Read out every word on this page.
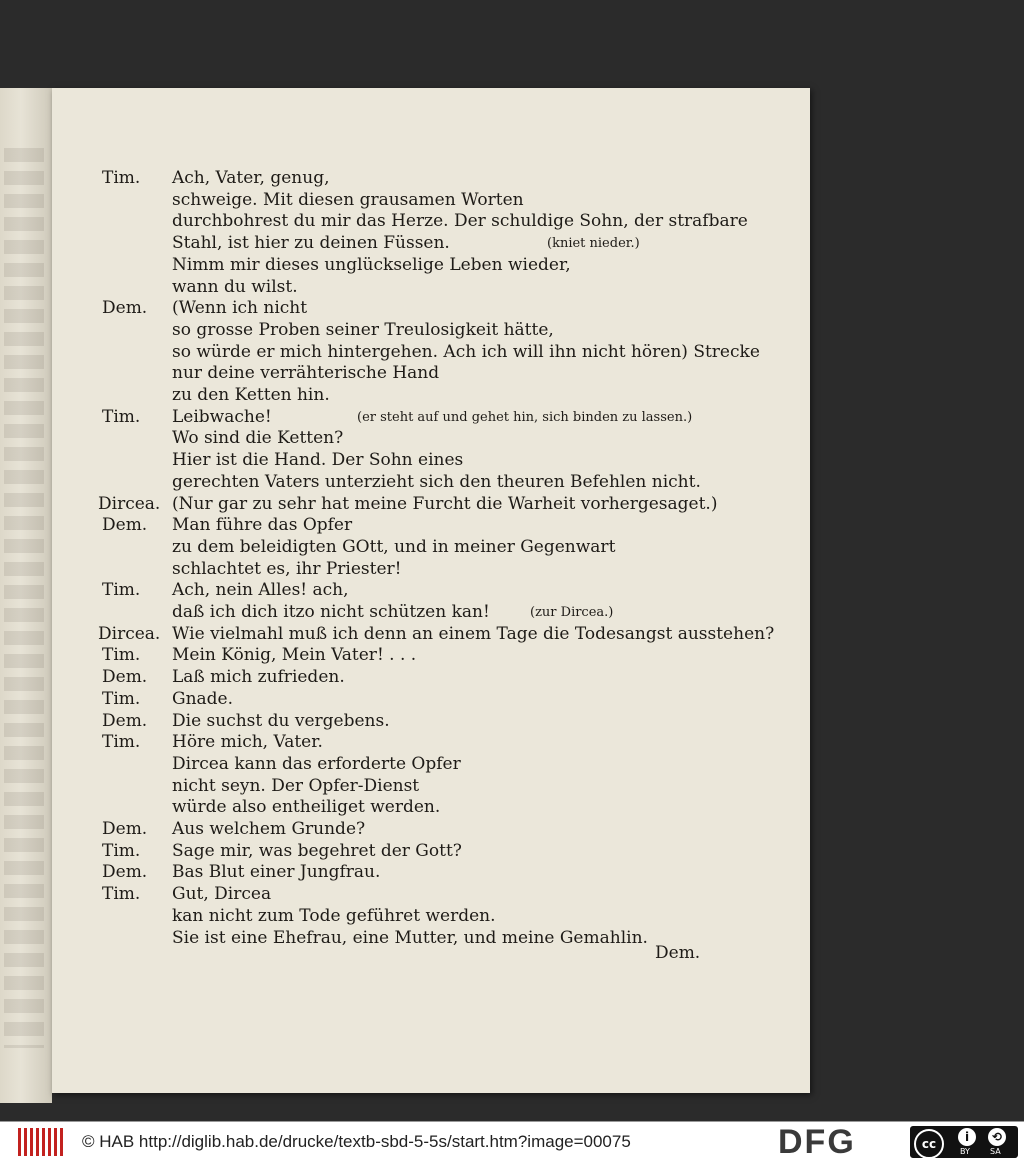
Tim. Ach, Vater, genug,
schweige. Mit diesen grausamen Worten
durchbohrest du mir das Herze. Der schuldige Sohn, der strafbare
Stahl, ist hier zu deinen Füssen.	(kniet nieder.)
Nimm mir dieses unglückselige Leben wieder,
wann du wilst.
Dem. (Wenn ich nicht
so grosse Proben seiner Treulosigkeit hätte,
so würde er mich hintergehen. Ach ich will ihn nicht hören) Strecke
nur deine verrähterische Hand
zu den Ketten hin.
Tim. Leibwache!	(er steht auf und gehet hin, sich binden zu lassen.)
Wo sind die Ketten?
Hier ist die Hand. Der Sohn eines
gerechten Vaters unterzieht sich den theuren Befehlen nicht.
Dircea. (Nur gar zu sehr hat meine Furcht die Warheit vorhergesaget.)
Dem. Man führe das Opfer
zu dem beleidigten GOtt, und in meiner Gegenwart
schlachtet es, ihr Priester!
Tim. Ach, nein Alles! ach,
daß ich dich itzo nicht schützen kan!	(zur Dircea.)
Dircea. Wie vielmahl muß ich denn an einem Tage die Todesangst ausstehen?
Tim. Mein König, Mein Vater! . . .
Dem. Laß mich zufrieden.
Tim. Gnade.
Dem. Die suchst du vergebens.
Tim. Höre mich, Vater.
Dircea kann das erforderte Opfer
nicht seyn. Der Opfer-Dienst
würde also entheiliget werden.
Dem. Aus welchem Grunde?
Tim. Sage mir, was begehret der Gott?
Dem. Bas Blut einer Jungfrau.
Tim. Gut, Dircea
kan nicht zum Tode geführet werden.
Sie ist eine Ehefrau, eine Mutter, und meine Gemahlin.
Dem.
© HAB http://diglib.hab.de/drucke/textb-sbd-5-5s/start.htm?image=00075	DFG	cc	i	⟲
BY	SA
